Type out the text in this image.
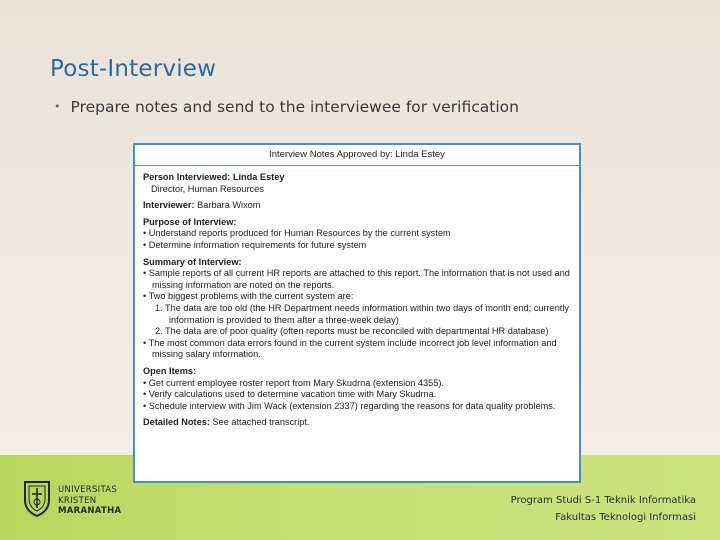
Post-Interview
• Prepare notes and send to the interviewee for verification
Interview Notes Approved by: Linda Estey
Person Interviewed: Linda Estey
Director, Human Resources
Interviewer: Barbara Wixom
Purpose of Interview:
• Understand reports produced for Human Resources by the current system
• Determine information requirements for future system
Summary of Interview:
• Sample reports of all current HR reports are attached to this report. The information that is not used and missing information are noted on the reports.
• Two biggest problems with the current system are:
1. The data are too old (the HR Department needs information within two days of month end; currently information is provided to them after a three-week delay)
2. The data are of poor quality (often reports must be reconciled with departmental HR database)
• The most common data errors found in the current system include incorrect job level information and missing salary information.
Open Items:
• Get current employee roster report from Mary Skudrna (extension 4355).
• Verify calculations used to determine vacation time with Mary Skudrna.
• Schedule interview with Jim Wack (extension 2337) regarding the reasons for data quality problems.
Detailed Notes: See attached transcript.
UNIVERSITAS
KRISTEN
MARANATHA
Program Studi S-1 Teknik Informatika
Fakultas Teknologi Informasi
